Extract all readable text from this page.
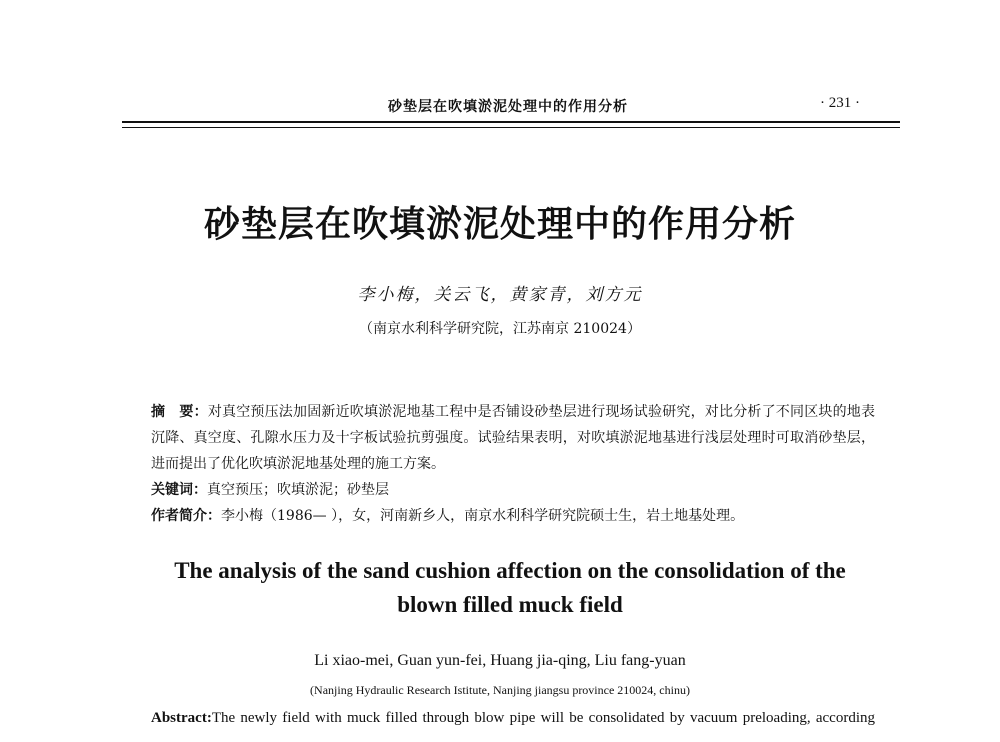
砂垫层在吹填淤泥处理中的作用分析	· 231 ·
砂垫层在吹填淤泥处理中的作用分析
李小梅，关云飞，黄家青，刘方元
（南京水利科学研究院，江苏南京 210024）

摘　要：对真空预压法加固新近吹填淤泥地基工程中是否铺设砂垫层进行现场试验研究，对比分析了不同区块的地表沉降、真空度、孔隙水压力及十字板试验抗剪强度。试验结果表明，对吹填淤泥地基进行浅层处理时可取消砂垫层，进而提出了优化吹填淤泥地基处理的施工方案。

关键词：真空预压；吹填淤泥；砂垫层

作者简介：李小梅（1986— ），女，河南新乡人，南京水利科学研究院硕士生，岩土地基处理。

The analysis of the sand cushion affection on the consolidation of the blown filled muck field
Li xiao-mei, Guan yun-fei, Huang jia-qing, Liu fang-yuan
(Nanjing Hydraulic Research Istitute, Nanjing jiangsu province 210024, chinu)

Abstract:The newly field with muck filled through blow pipe will be consolidated by vacuum preloading, according
